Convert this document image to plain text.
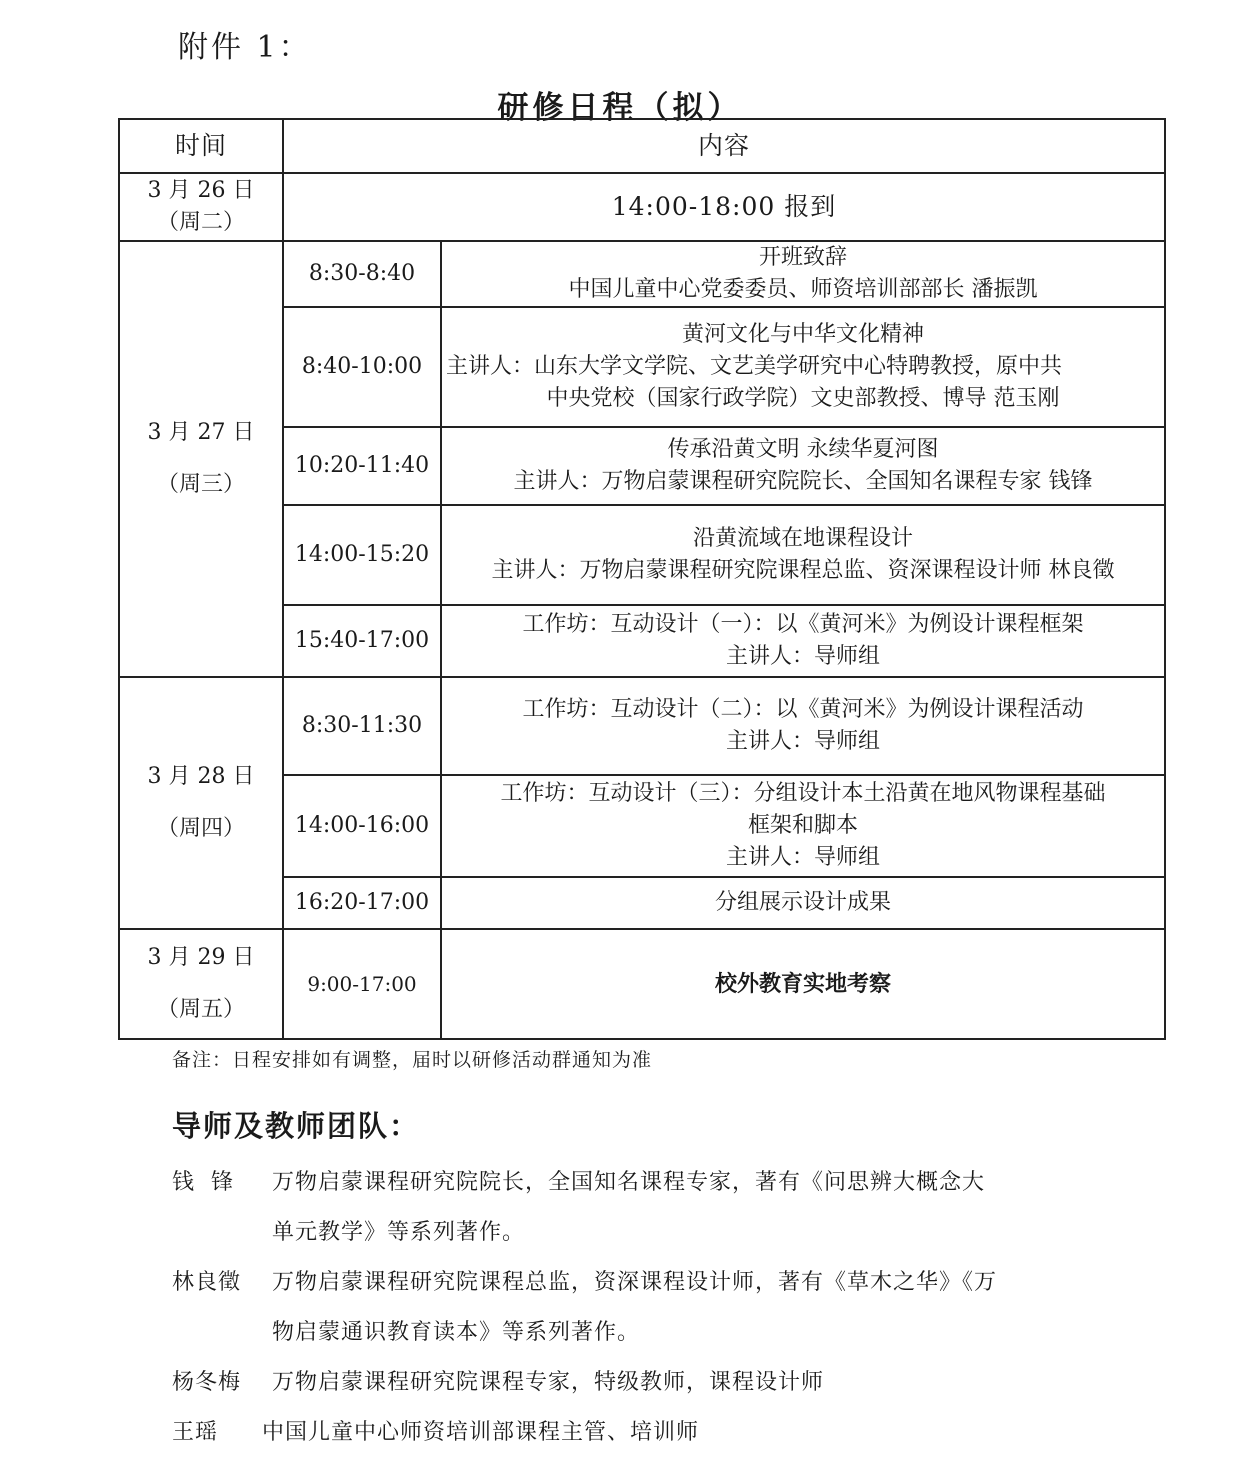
附件 1：
研修日程（拟）
时间	内容	

3 月 26 日
（周二）	14:00-18:00 报到	

3 月 27 日
（周三）	8:30-8:40	开班致辞
中国儿童中心党委委员、师资培训部部长 潘振凯

	8:40-10:00	黄河文化与中华文化精神
主讲人：山东大学文学院、文艺美学研究中心特聘教授，原中共
中央党校（国家行政学院）文史部教授、博导 范玉刚

	10:20-11:40	传承沿黄文明 永续华夏河图
主讲人：万物启蒙课程研究院院长、全国知名课程专家 钱锋

	14:00-15:20	沿黄流域在地课程设计
主讲人：万物启蒙课程研究院课程总监、资深课程设计师 林良徵

	15:40-17:00	工作坊：互动设计（一）：以《黄河米》为例设计课程框架
主讲人：导师组

3 月 28 日
（周四）	8:30-11:30	工作坊：互动设计（二）：以《黄河米》为例设计课程活动
主讲人：导师组

	14:00-16:00	工作坊：互动设计（三）：分组设计本土沿黄在地风物课程基础
框架和脚本
主讲人：导师组

	16:20-17:00	分组展示设计成果

3 月 29 日
（周五）	9:00-17:00	校外教育实地考察
备注：日程安排如有调整，届时以研修活动群通知为准
导师及教师团队：
钱  锋	万物启蒙课程研究院院长，全国知名课程专家，著有《问思辨大概念大
单元教学》等系列著作。
林良徵	万物启蒙课程研究院课程总监，资深课程设计师，著有《草木之华》《万
物启蒙通识教育读本》等系列著作。
杨冬梅	万物启蒙课程研究院课程专家，特级教师，课程设计师
王瑶	中国儿童中心师资培训部课程主管、培训师
